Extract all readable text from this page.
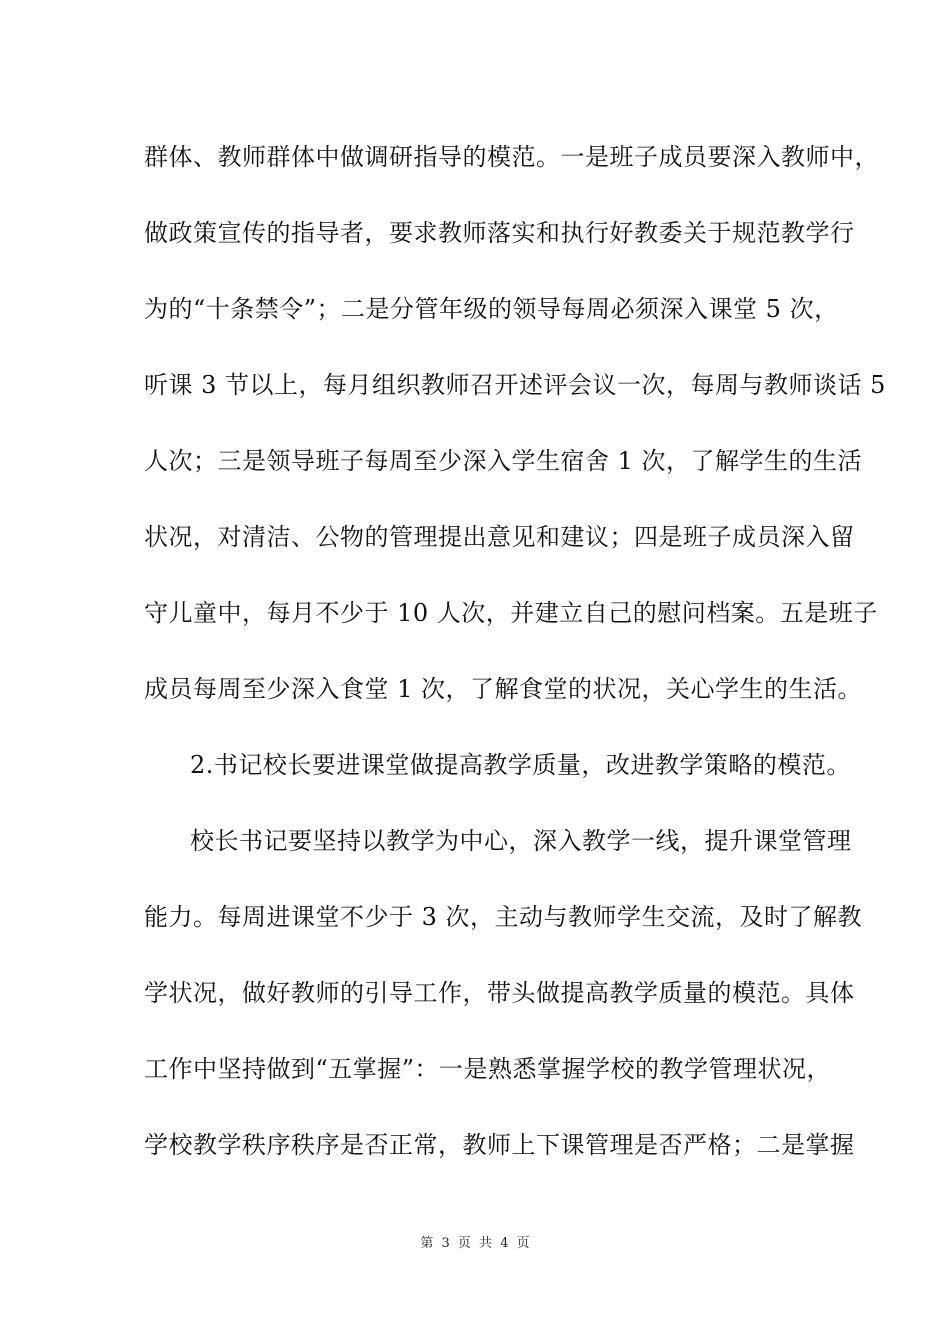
群体、教师群体中做调研指导的模范。一是班子成员要深入教师中，
做政策宣传的指导者，要求教师落实和执行好教委关于规范教学行
为的“十条禁令”；二是分管年级的领导每周必须深入课堂 5 次，
听课 3 节以上，每月组织教师召开述评会议一次，每周与教师谈话 5
人次；三是领导班子每周至少深入学生宿舍 1 次，了解学生的生活
状况，对清洁、公物的管理提出意见和建议；四是班子成员深入留
守儿童中，每月不少于 10 人次，并建立自己的慰问档案。五是班子
成员每周至少深入食堂 1 次，了解食堂的状况，关心学生的生活。
2.书记校长要进课堂做提高教学质量，改进教学策略的模范。
校长书记要坚持以教学为中心，深入教学一线，提升课堂管理
能力。每周进课堂不少于 3 次，主动与教师学生交流，及时了解教
学状况，做好教师的引导工作，带头做提高教学质量的模范。具体
工作中坚持做到“五掌握”：一是熟悉掌握学校的教学管理状况，
学校教学秩序秩序是否正常，教师上下课管理是否严格；二是掌握
第 3 页 共 4 页
